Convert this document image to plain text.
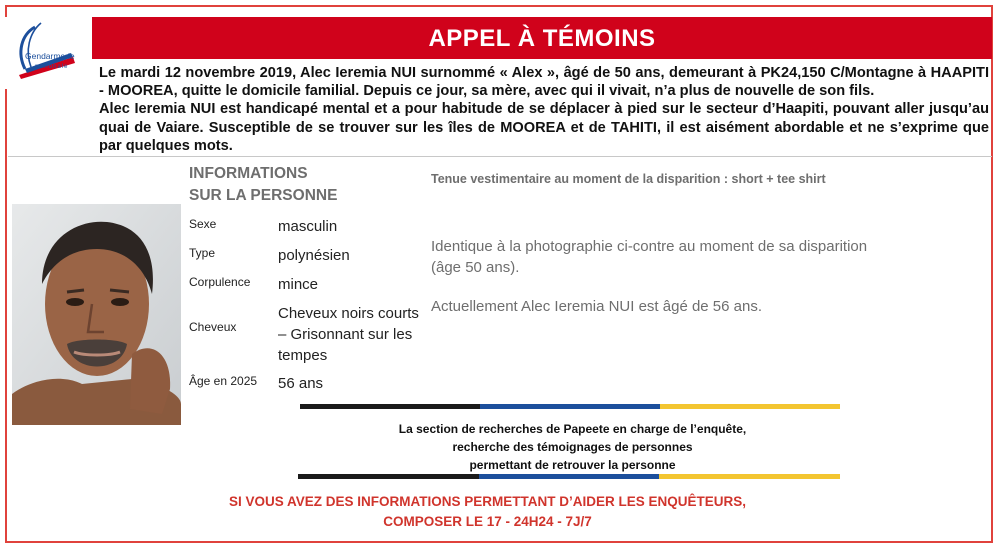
Gendarmerie
nationale
APPEL À TÉMOINS

Le mardi 12 novembre 2019, Alec Ieremia NUI surnommé « Alex », âgé de 50 ans, demeurant à PK24,150 C/Montagne à HAAPITI - MOOREA, quitte le domicile familial. Depuis ce jour, sa mère, avec qui il vivait, n’a plus de nouvelle de son fils.

Alec Ieremia NUI est handicapé mental et a pour habitude de se déplacer à pied sur le secteur d’Haapiti, pouvant aller jusqu’au quai de Vaiare. Susceptible de se trouver sur les îles de MOOREA et de TAHITI, il est aisément abordable et ne s’exprime que par quelques mots.

INFORMATIONS
SUR LA PERSONNE
Sexe	masculin
Type	polynésien
Corpulence mince
Cheveux
Cheveux noirs courts – Grisonnant sur les tempes
Âge en 2025 56 ans
Tenue vestimentaire au moment de la disparition : short + tee shirt
Identique à la photographie ci-contre au moment de sa disparition (âge 50 ans).
Actuellement Alec Ieremia NUI est âgé de 56 ans.
La section de recherches de Papeete en charge de l’enquête,
recherche des témoignages de personnes
permettant de retrouver la personne
SI VOUS AVEZ DES INFORMATIONS PERMETTANT D’AIDER LES ENQUÊTEURS,
COMPOSER LE 17 - 24H24 - 7J/7
